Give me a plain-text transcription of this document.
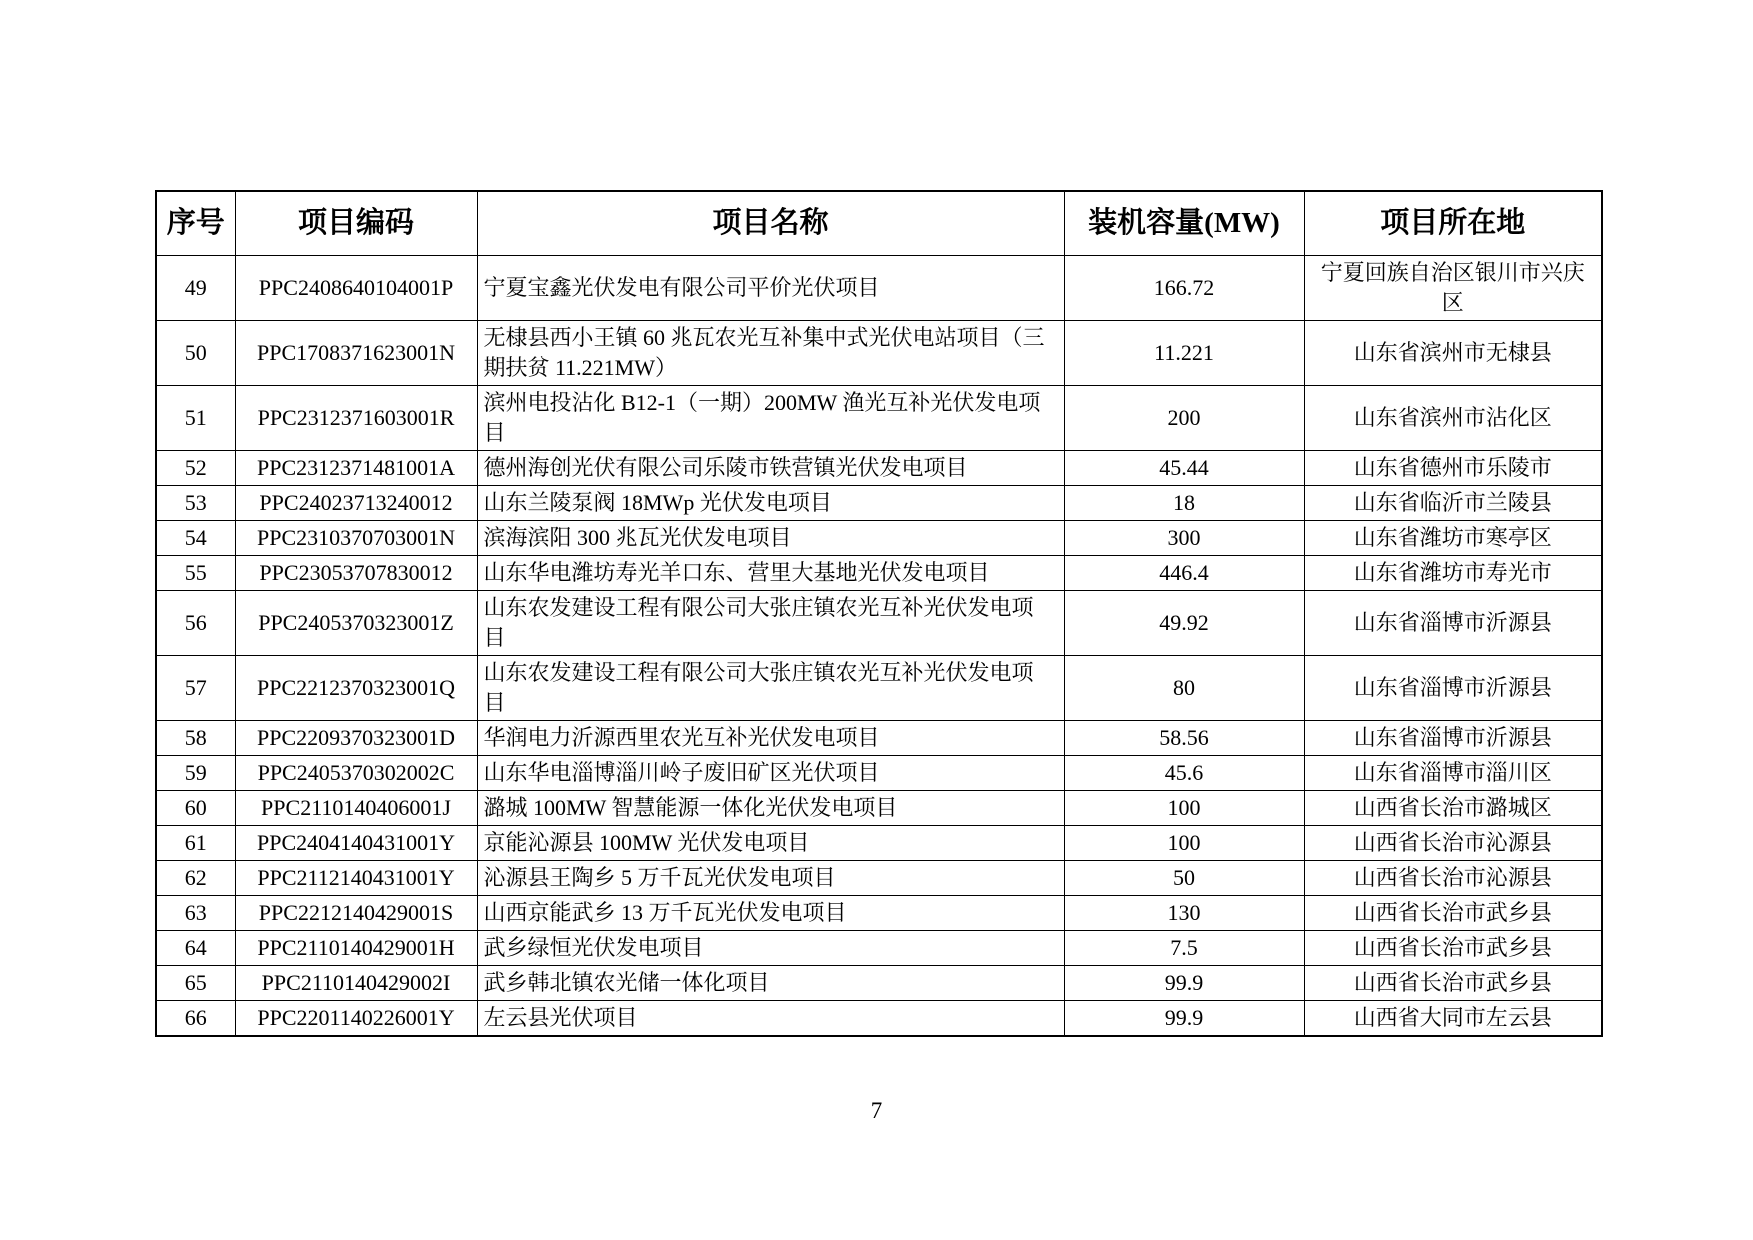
序号	项目编码	项目名称	装机容量(MW)	项目所在地
49	PPC2408640104001P	宁夏宝鑫光伏发电有限公司平价光伏项目	166.72	宁夏回族自治区银川市兴庆区
50	PPC1708371623001N	无棣县西小王镇 60 兆瓦农光互补集中式光伏电站项目（三期扶贫 11.221MW）	11.221	山东省滨州市无棣县
51	PPC2312371603001R	滨州电投沾化 B12-1（一期）200MW 渔光互补光伏发电项目	200	山东省滨州市沾化区
52	PPC2312371481001A	德州海创光伏有限公司乐陵市铁营镇光伏发电项目	45.44	山东省德州市乐陵市
53	PPC24023713240012	山东兰陵泵阀 18MWp 光伏发电项目	18	山东省临沂市兰陵县
54	PPC2310370703001N	滨海滨阳 300 兆瓦光伏发电项目	300	山东省潍坊市寒亭区
55	PPC23053707830012	山东华电潍坊寿光羊口东、营里大基地光伏发电项目	446.4	山东省潍坊市寿光市
56	PPC2405370323001Z	山东农发建设工程有限公司大张庄镇农光互补光伏发电项目	49.92	山东省淄博市沂源县
57	PPC2212370323001Q	山东农发建设工程有限公司大张庄镇农光互补光伏发电项目	80	山东省淄博市沂源县
58	PPC2209370323001D	华润电力沂源西里农光互补光伏发电项目	58.56	山东省淄博市沂源县
59	PPC2405370302002C	山东华电淄博淄川岭子废旧矿区光伏项目	45.6	山东省淄博市淄川区
60	PPC2110140406001J	潞城 100MW 智慧能源一体化光伏发电项目	100	山西省长治市潞城区
61	PPC2404140431001Y	京能沁源县 100MW 光伏发电项目	100	山西省长治市沁源县
62	PPC2112140431001Y	沁源县王陶乡 5 万千瓦光伏发电项目	50	山西省长治市沁源县
63	PPC2212140429001S	山西京能武乡 13 万千瓦光伏发电项目	130	山西省长治市武乡县
64	PPC2110140429001H	武乡绿恒光伏发电项目	7.5	山西省长治市武乡县
65	PPC2110140429002I	武乡韩北镇农光储一体化项目	99.9	山西省长治市武乡县
66	PPC2201140226001Y	左云县光伏项目	99.9	山西省大同市左云县
7
